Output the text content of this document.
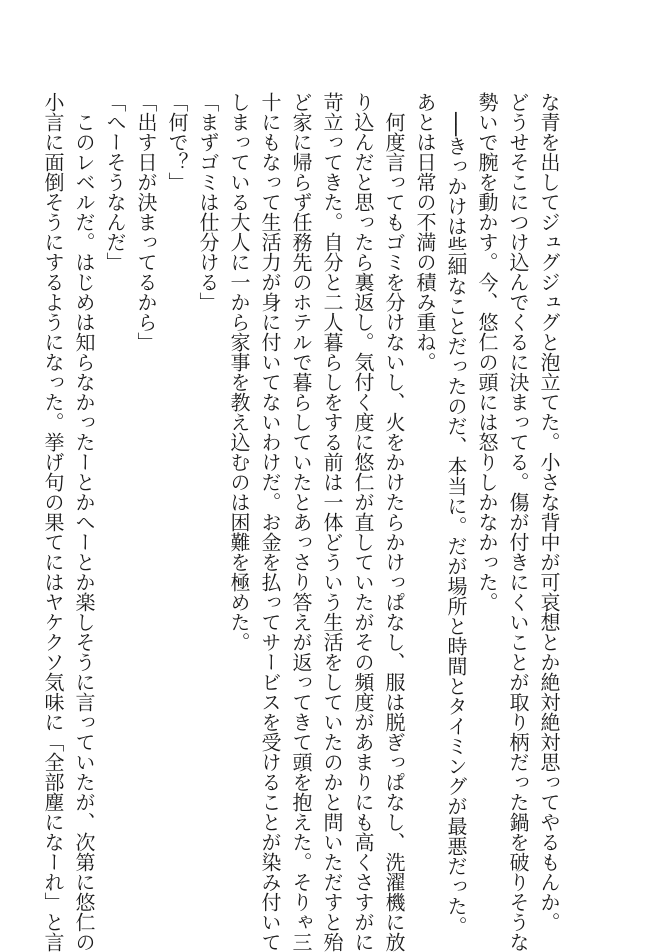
な青を出してジュグジュグと泡立てた。小さな背中が可哀想とか絶対絶対思ってやるもんか。
どうせそこにつけ込んでくるに決まってる。傷が付きにくいことが取り柄だった鍋を破りそうな
勢いで腕を動かす。今、悠仁の頭には怒りしかなかった。
　──きっかけは些細なことだったのだ、本当に。だが場所と時間とタイミングが最悪だった。
あとは日常の不満の積み重ね。
　何度言ってもゴミを分けないし、火をかけたらかけっぱなし、服は脱ぎっぱなし、洗濯機に放
り込んだと思ったら裏返し。気付く度に悠仁が直していたがその頻度があまりにも高くさすがに
苛立ってきた。自分と二人暮らしをする前は一体どういう生活をしていたのかと問いただすと殆
ど家に帰らず任務先のホテルで暮らしていたとあっさり答えが返ってきて頭を抱えた。そりゃ三
十にもなって生活力が身に付いてないわけだ。お金を払ってサービスを受けることが染み付いて
しまっている大人に一から家事を教え込むのは困難を極めた。
「まずゴミは仕分ける」
「何で？」
「出す日が決まってるから」
「へーそうなんだ」
　このレベルだ。はじめは知らなかったーとかへーとか楽しそうに言っていたが、次第に悠仁の
小言に面倒そうにするようになった。挙げ句の果てにはヤケクソ気味に「全部塵になーれ」と言
